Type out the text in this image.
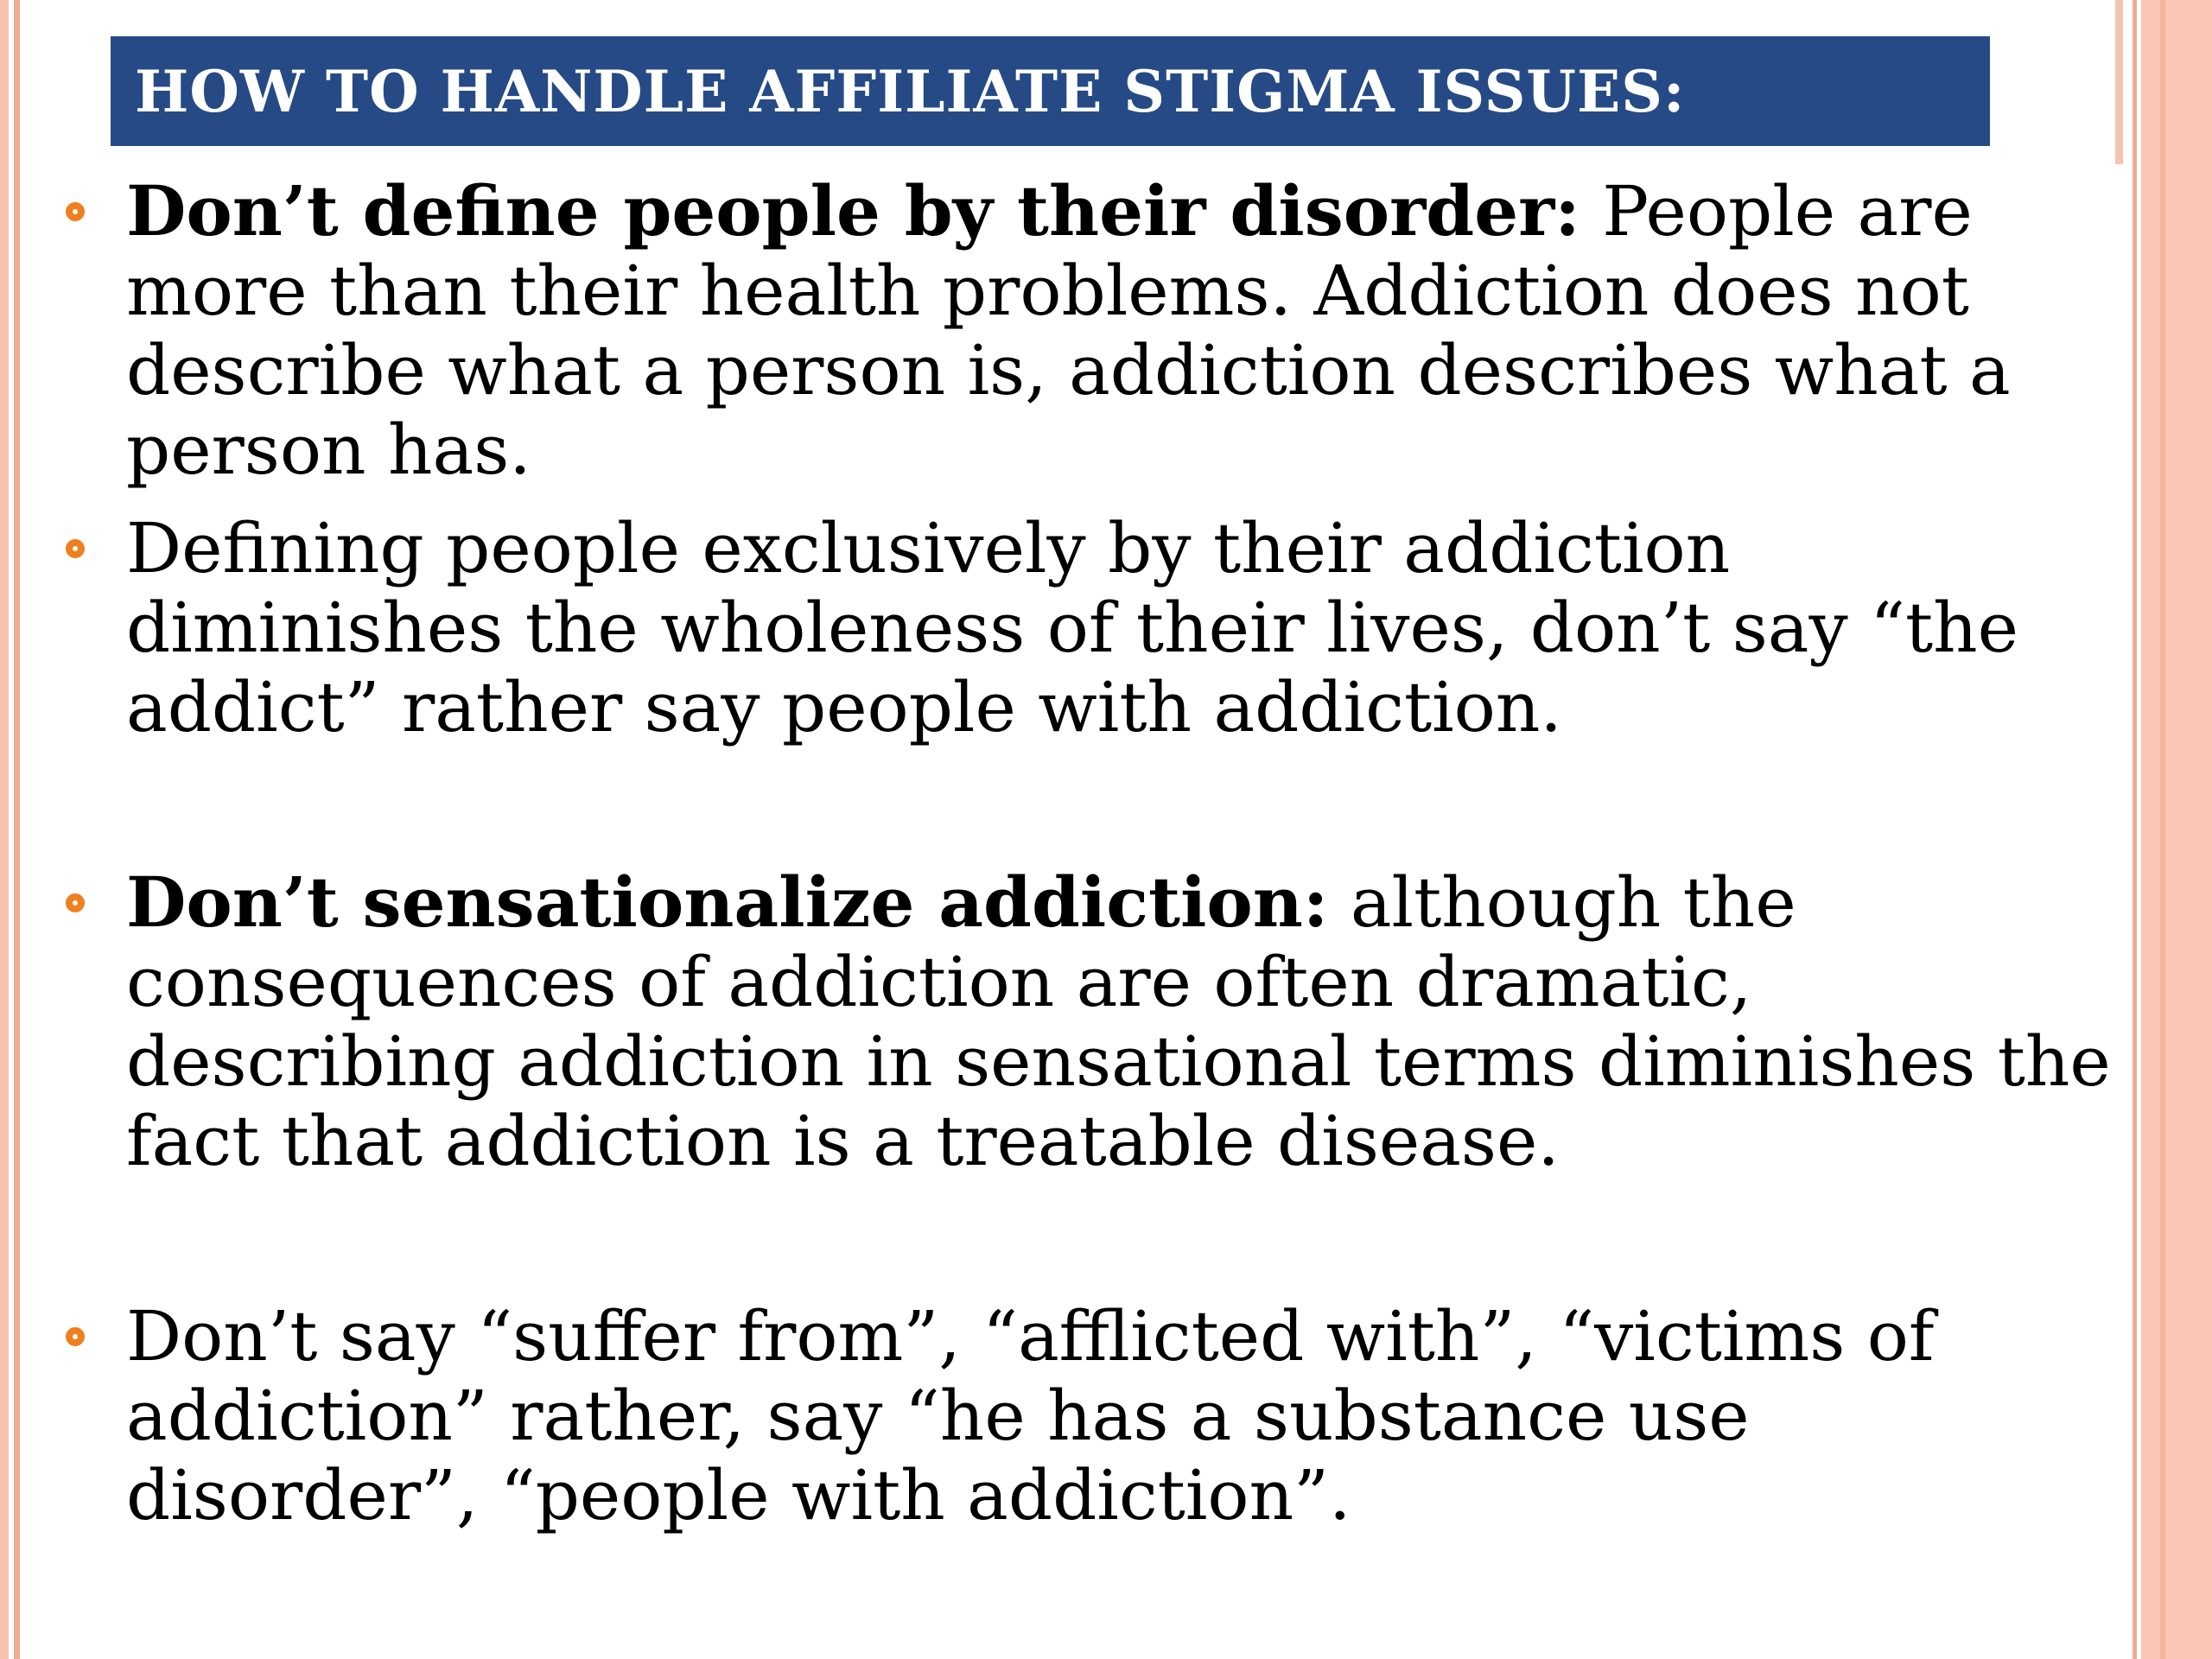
HOW TO HANDLE AFFILIATE STIGMA ISSUES:
Don’t define people by their disorder: People are more than their health problems. Addiction does not describe what a person is, addiction describes what a person has.
Defining people exclusively by their addiction diminishes the wholeness of their lives, don’t say “the addict” rather say people with addiction.
Don’t sensationalize addiction: although the consequences of addiction are often dramatic, describing addiction in sensational terms diminishes the fact that addiction is a treatable disease.
Don’t say “suffer from”, “afflicted with”, “victims of addiction” rather, say “he has a substance use disorder”, “people with addiction”.
